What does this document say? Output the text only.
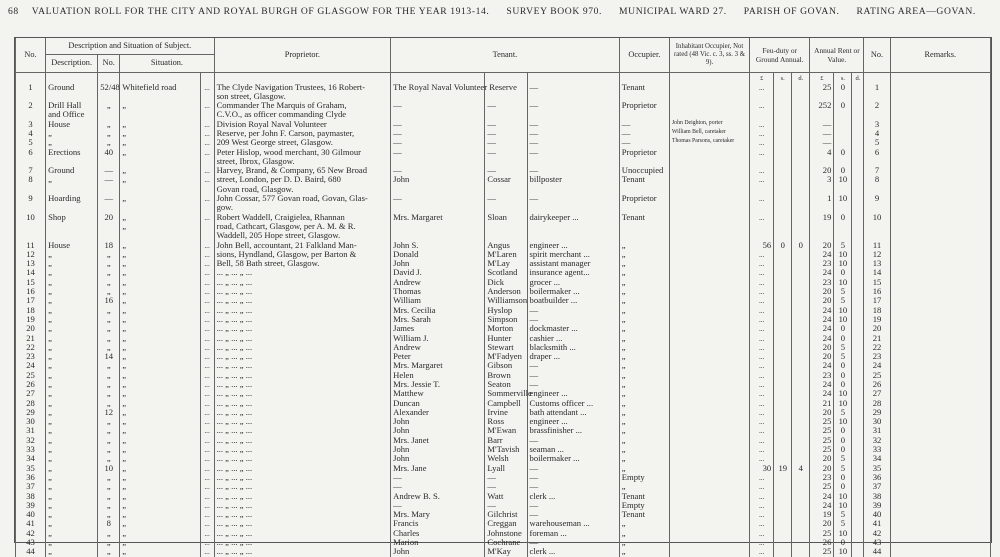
68 VALUATION ROLL FOR THE CITY AND ROYAL BURGH OF GLASGOW FOR THE YEAR 1913-14. SURVEY BOOK 970. MUNICIPAL WARD 27. PARISH OF GOVAN. RATING AREA—GOVAN.
No.	Description and Situation of Subject.				Proprietor.	Tenant.			Occupier.	Inhabitant Occupier, Not rated (48 Vic. c. 3, ss. 3 & 9).	Feu-duty or Ground Annual.			Annual Rent or Value.			No.	Remarks.
	Description.	No.	Situation.															
											£	s.	d.	£	s.	d.		
1	Ground	52/48	Whitefield road	...	The Clyde Navigation Trustees, 16 Robert-	The Royal Naval Volunteer Reserve		—	Tenant		...			25	0		1	
					son street, Glasgow.													
2	Drill Hall	„	„	...	Commander The Marquis of Graham,	—	—	—	Proprietor		...			252	0		2	
	and Office				C.V.O., as officer commanding Clyde													
3	House	„	„	...	Division Royal Naval Volunteer	—	—	—	—	John Deighton, porter	...			—			3	
4	„	„	„	...	Reserve, per John F. Carson, paymaster,	—	—	—	—	William Bell, caretaker	...			—			4	
5	„	„	„	...	209 West George street, Glasgow.	—	—	—	—	Thomas Parsons, caretaker	...			—			5	
6	Erections	40	„	...	Peter Hislop, wood merchant, 30 Gilmour	—	—	—	Proprietor		...			4	0		6	
					street, Ibrox, Glasgow.													
7	Ground	—	„	...	Harvey, Brand, & Company, 65 New Broad	—	—	—	Unoccupied		...			20	0		7	
8	„	—	„	...	street, London, per D. D. Baird, 680	John	Cossar	billposter	Tenant		...			3	10		8	
					Govan road, Glasgow.													
9	Hoarding	—	„	...	John Cossar, 577 Govan road, Govan, Glas-	—	—	—	Proprietor		...			1	10		9	
					gow.													
10	Shop	20	„	...	Robert Waddell, Craigielea, Rhannan	Mrs. Margaret	Sloan	dairykeeper ...	Tenant		...			19	0		10	
			„		road, Cathcart, Glasgow, per A. M. & R.													
					Waddell, 205 Hope street, Glasgow.													
11	House	18	„	...	John Bell, accountant, 21 Falkland Man-	John S.	Angus	engineer ...	„		56	0	0	20	5		11	
12	„	„	„	...	sions, Hyndland, Glasgow, per Barton &	Donald	M'Laren	spirit merchant ...	„		...			24	10		12	
13	„	„	„	...	Bell, 58 Bath street, Glasgow.	John	M'Lay	assistant manager	„		...			23	10		13	
14	„	„	„	...	... „ ... „ ...	David J.	Scotland	insurance agent...	„		...			24	0		14	
15	„	„	„	...	... „ ... „ ...	Andrew	Dick	grocer ...	„		...			23	10		15	
16	„	„	„	...	... „ ... „ ...	Thomas	Anderson	boilermaker ...	„		...			20	5		16	
17	„	16	„	...	... „ ... „ ...	William	Williamson	boatbuilder ...	„		...			20	5		17	
18	„	„	„	...	... „ ... „ ...	Mrs. Cecilia	Hyslop	—	„		...			24	10		18	
19	„	„	„	...	... „ ... „ ...	Mrs. Sarah	Simpson	—	„		...			24	10		19	
20	„	„	„	...	... „ ... „ ...	James	Morton	dockmaster ...	„		...			24	0		20	
21	„	„	„	...	... „ ... „ ...	William J.	Hunter	cashier ...	„		...			24	0		21	
22	„	„	„	...	... „ ... „ ...	Andrew	Stewart	blacksmith ...	„		...			20	5		22	
23	„	14	„	...	... „ ... „ ...	Peter	M'Fadyen	draper ...	„		...			20	5		23	
24	„	„	„	...	... „ ... „ ...	Mrs. Margaret	Gibson	—	„		...			24	0		24	
25	„	„	„	...	... „ ... „ ...	Helen	Brown	—	„		...			23	0		25	
26	„	„	„	...	... „ ... „ ...	Mrs. Jessie T.	Seaton	—	„		...			24	0		26	
27	„	„	„	...	... „ ... „ ...	Matthew	Sommerville	engineer ...	„		...			24	10		27	
28	„	„	„	...	... „ ... „ ...	Duncan	Campbell	Customs officer ...	„		...			21	10		28	
29	„	12	„	...	... „ ... „ ...	Alexander	Irvine	bath attendant ...	„		...			20	5		29	
30	„	„	„	...	... „ ... „ ...	John	Ross	engineer ...	„		...			25	10		30	
31	„	„	„	...	... „ ... „ ...	John	M'Ewan	brassfinisher ...	„		...			25	0		31	
32	„	„	„	...	... „ ... „ ...	Mrs. Janet	Barr	—	„		...			25	0		32	
33	„	„	„	...	... „ ... „ ...	John	M'Tavish	seaman ...	„		...			25	0		33	
34	„	„	„	...	... „ ... „ ...	John	Welsh	boilermaker ...	„		...			20	5		34	
35	„	10	„	...	... „ ... „ ...	Mrs. Jane	Lyall	—	„		30	19	4	20	5		35	
36	„	„	„	...	... „ ... „ ...	—	—	—	Empty		...			23	0		36	
37	„	„	„	...	... „ ... „ ...	—	—	—	„		...			25	0		37	
38	„	„	„	...	... „ ... „ ...	Andrew B. S.	Watt	clerk ...	Tenant		...			24	10		38	
39	„	„	„	...	... „ ... „ ...	—	—	—	Empty		...			24	10		39	
40	„	„	„	...	... „ ... „ ...	Mrs. Mary	Gilchrist	—	Tenant		...			19	5		40	
41	„	8	„	...	... „ ... „ ...	Francis	Creggan	warehouseman ...	„		...			20	5		41	
42	„	„	„	...	... „ ... „ ...	Charles	Johnstone	foreman ...	„		...			25	10		42	
43	„	„	„	...	... „ ... „ ...	Marion	Cochrane	—	„		...			26	0		43	
44	„	„	„	...	... „ ... „ ...	John	M'Kay	clerk ...	„		...			25	10		44	
